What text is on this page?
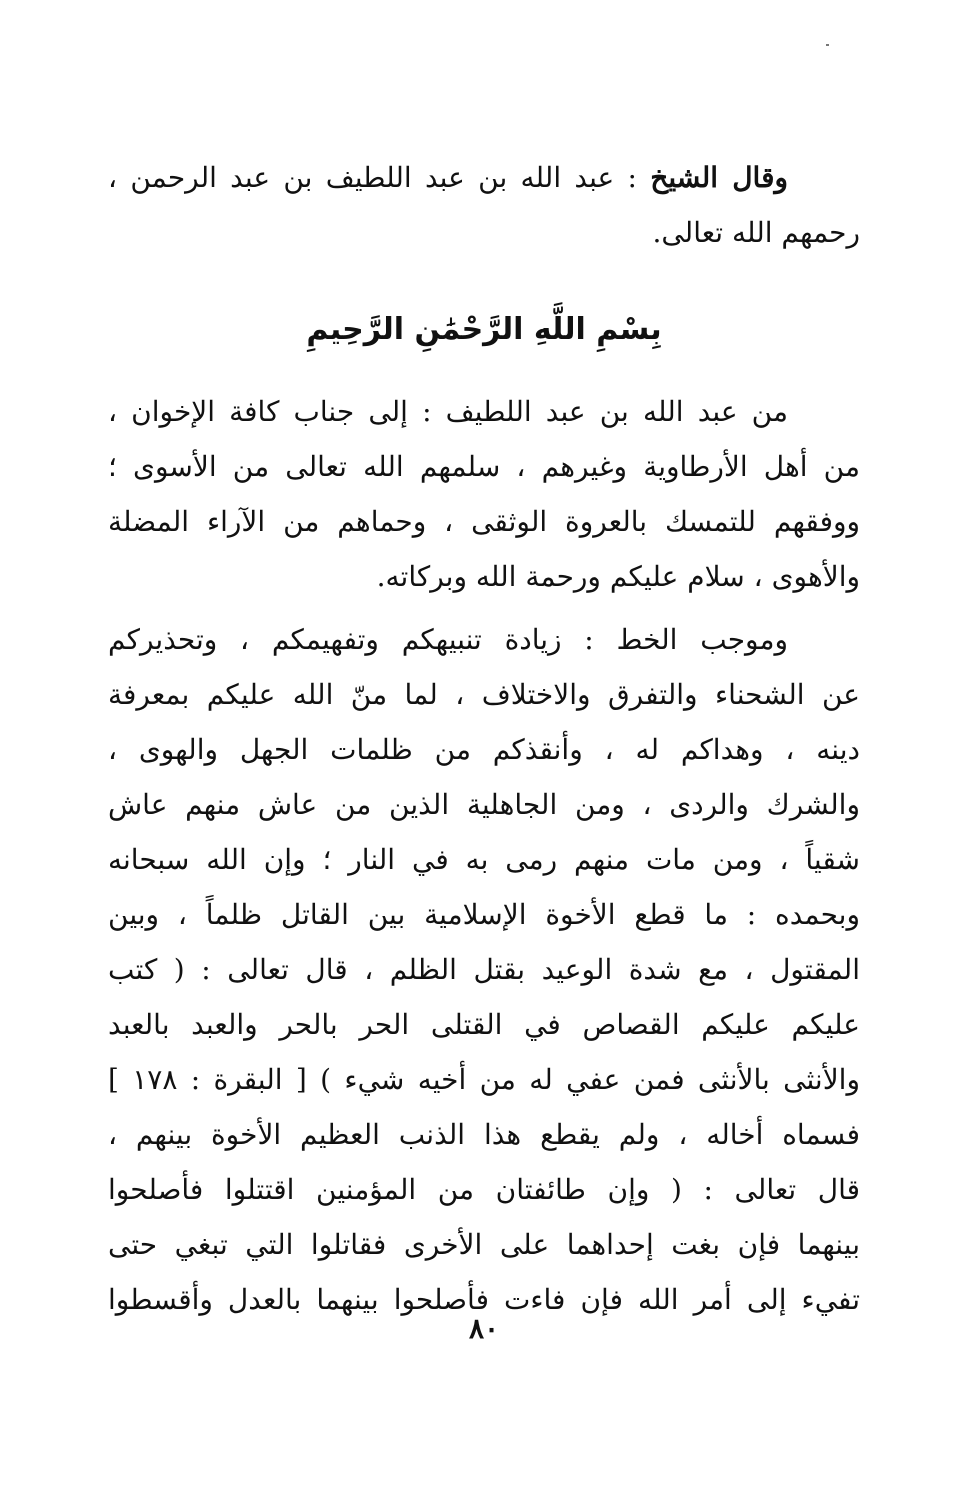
وقال الشيخ : عبد الله بن عبد اللطيف بن عبد الرحمن ،
رحمهم الله تعالى.
بِسْمِ اللَّهِ الرَّحْمَٰنِ الرَّحِيمِ
من عبد الله بن عبد اللطيف : إلى جناب كافة الإخوان ،
من أهل الأرطاوية وغيرهم ، سلمهم الله تعالى من الأسوى ؛
ووفقهم للتمسك بالعروة الوثقى ، وحماهم من الآراء المضلة
والأهوى ، سلام عليكم ورحمة الله وبركاته.
وموجب الخط : زيادة تنبيهكم وتفهيمكم ، وتحذيركم
عن الشحناء والتفرق والاختلاف ، لما منّ الله عليكم بمعرفة
دينه ، وهداكم له ، وأنقذكم من ظلمات الجهل والهوى ،
والشرك والردى ، ومن الجاهلية الذين من عاش منهم عاش
شقياً ، ومن مات منهم رمى به في النار ؛ وإن الله سبحانه
وبحمده : ما قطع الأخوة الإسلامية بين القاتل ظلماً ، وبين
المقتول ، مع شدة الوعيد بقتل الظلم ، قال تعالى : ( كتب
عليكم عليكم القصاص في القتلى الحر بالحر والعبد بالعبد
والأنثى بالأنثى فمن عفي له من أخيه شيء ) [ البقرة : ١٧٨ ]
فسماه أخاله ، ولم يقطع هذا الذنب العظيم الأخوة بينهم ،
قال تعالى : ( وإن طائفتان من المؤمنين اقتتلوا فأصلحوا
بينهما فإن بغت إحداهما على الأخرى فقاتلوا التي تبغي حتى
تفيء إلى أمر الله فإن فاءت فأصلحوا بينهما بالعدل وأقسطوا
٨٠
